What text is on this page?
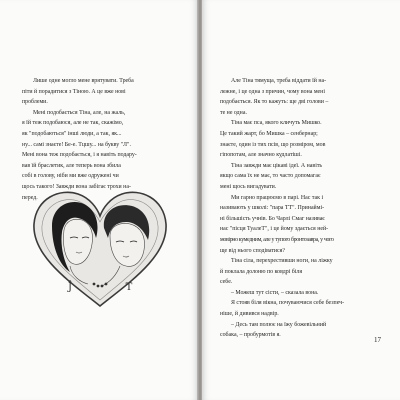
Лише одне могло мене врятувати. Треба
піти й порадитися з Тіною. А це вже нові
проблеми.
Мені подобається Тіна, але, на жаль,
я їй теж подобаюся, але не так, скажімо,
як "подобаються" інші люди, а так, як...
ну... самі знаєте! Бе-е. Тцшу... на букву "Л".
Мені вона теж подобається, і я навіть подару-
вав їй браслетик, але теперь вона збила
собі в голову, ніби ми вже одружені чи
щось такого! Завжди вона забігає трохи на-
перед.
Ĵ	T
Але Тіна тямуща, треба віддати їй на-
лежне, і це одна з причин, чому вона мені
подобається. Як то кажуть: ще дві голови –
те не одна.
Тіна має пса, якого кличуть Мишко.
Це такий жарт, бо Мишка – сенбернар;
знаєте, один із тих псів, що розміром, мов
гіпопотам, але значно кудлатіші.
Тіна завжди має цікаві ідеї. А навіть
якщо сама їх не має, то часто допомагає
мені щось вигадувати.
Ми гарно працюємо в парі. Нас так і
називають у школі: "пара ТТ". Принаймі-
ні більшість учнів. Бо Чарлі Смаг називає
нас "пісця ТуалеТ", і це йому здається ней-
мовірно кумедним, але у тупого бронтозавра, у чого
ще від нього сподіватися?
Тіна сіла, перехрестивши ноги, на ліжку
й поклала долоню по ковдрі біля
себе.
– Можеш тут сісти, – сказала вона.
Я стояв біля вікна, почуваючися себе безпеч-
ніше, й дивився надвір.
– Десь там полює на їжу божевільний
собака, – пробурмотів я.
17
